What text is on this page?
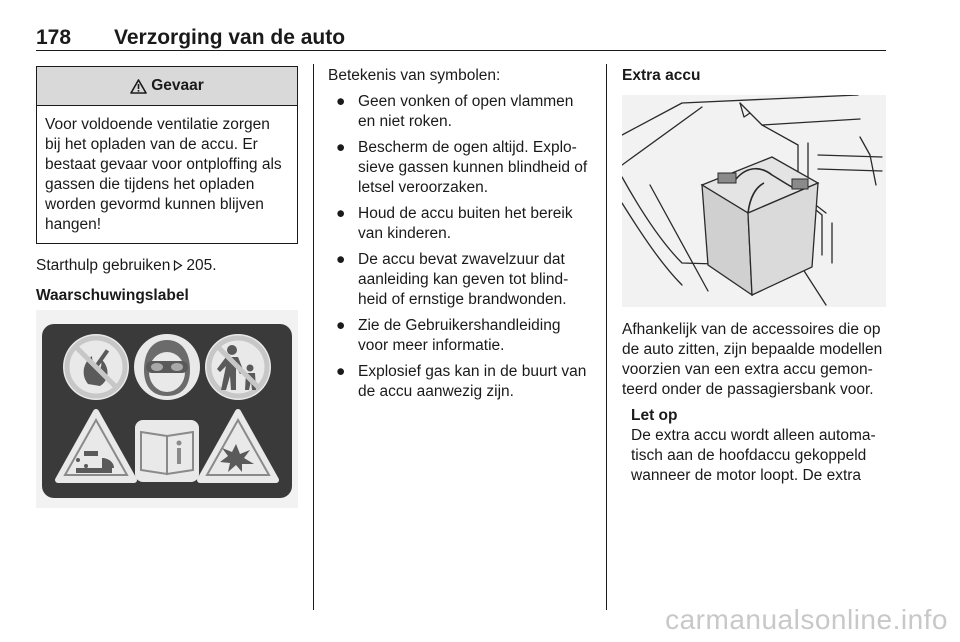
178 Verzorging van de auto
Gevaar
Voor voldoende ventilatie zorgen
bij het opladen van de accu. Er
bestaat gevaar voor ontploffing als
gassen die tijdens het opladen
worden gevormd kunnen blijven
hangen!
Starthulp gebruiken 205.
Waarschuwingslabel
Betekenis van symbolen:
● Geen vonken of open vlammen
en niet roken.
● Bescherm de ogen altijd. Explo-
sieve gassen kunnen blindheid of
letsel veroorzaken.
● Houd de accu buiten het bereik
van kinderen.
● De accu bevat zwavelzuur dat
aanleiding kan geven tot blind-
heid of ernstige brandwonden.
● Zie de Gebruikershandleiding
voor meer informatie.
● Explosief gas kan in de buurt van
de accu aanwezig zijn.
Extra accu
Afhankelijk van de accessoires die op
de auto zitten, zijn bepaalde modellen
voorzien van een extra accu gemon-
teerd onder de passagiersbank voor.
Let op
De extra accu wordt alleen automa-
tisch aan de hoofdaccu gekoppeld
wanneer de motor loopt. De extra
carmanualsonline.info
